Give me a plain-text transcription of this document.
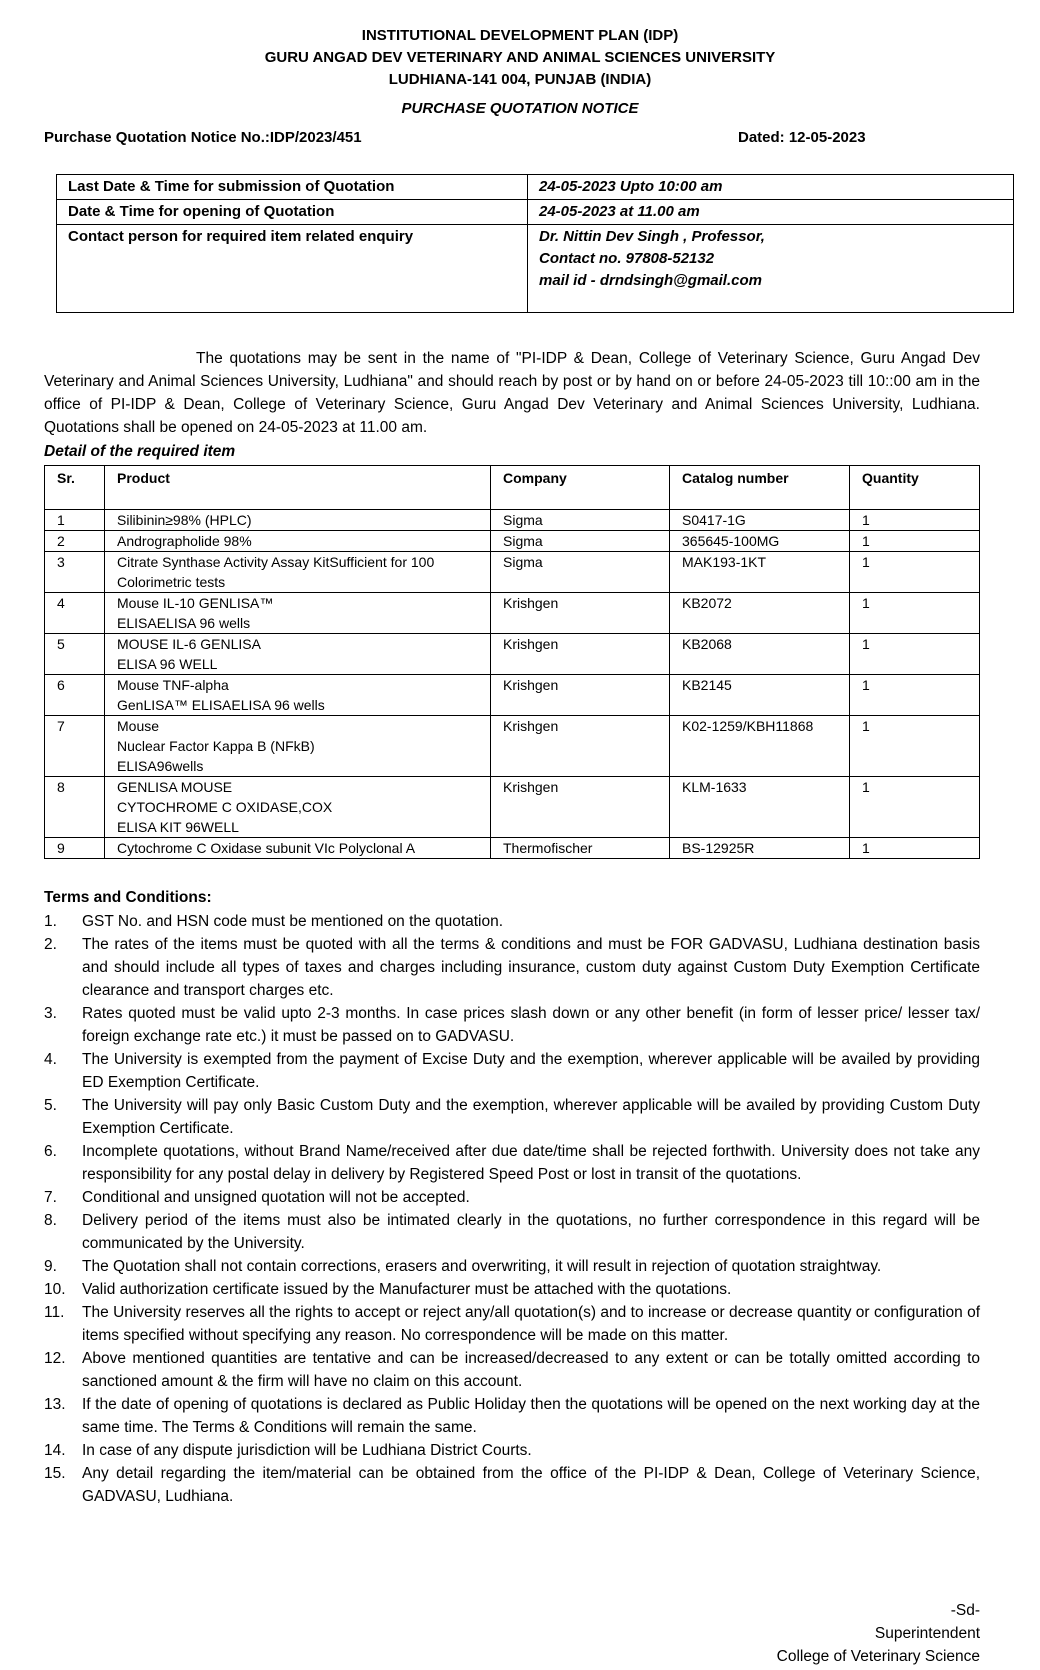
INSTITUTIONAL DEVELOPMENT PLAN (IDP)
GURU ANGAD DEV VETERINARY AND ANIMAL SCIENCES UNIVERSITY
LUDHIANA-141 004, PUNJAB (INDIA)
PURCHASE QUOTATION NOTICE
Purchase Quotation Notice No.:IDP/2023/451	Dated: 12-05-2023
Last Date & Time for submission of Quotation	24-05-2023 Upto 10:00 am
Date & Time for opening of Quotation	24-05-2023 at 11.00 am
Contact person for required item related enquiry	Dr. Nittin Dev Singh , Professor,
Contact no. 97808-52132
mail id - drndsingh@gmail.com
The quotations may be sent in the name of "PI-IDP & Dean, College of Veterinary Science, Guru Angad Dev Veterinary and Animal Sciences University, Ludhiana" and should reach by post or by hand on or before 24-05-2023 till 10::00 am in the office of PI-IDP & Dean, College of Veterinary Science, Guru Angad Dev Veterinary and Animal Sciences University, Ludhiana. Quotations shall be opened on 24-05-2023 at 11.00 am.
Detail of the required item
Sr.	Product	Company	Catalog number	Quantity
1	Silibinin≥98% (HPLC)	Sigma	S0417-1G	1
2	Andrographolide 98%	Sigma	365645-100MG	1
3	Citrate Synthase Activity Assay KitSufficient for 100
Colorimetric tests	Sigma	MAK193-1KT	1
4	Mouse IL-10 GENLISA™
ELISAELISA 96 wells	Krishgen	KB2072	1
5	MOUSE IL-6 GENLISA
ELISA 96 WELL	Krishgen	KB2068	1
6	Mouse TNF-alpha
GenLISA™ ELISAELISA 96 wells	Krishgen	KB2145	1
7	Mouse
Nuclear Factor Kappa B (NFkB)
ELISA96wells	Krishgen	K02-1259/KBH11868	1
8	GENLISA MOUSE
CYTOCHROME C OXIDASE,COX
ELISA KIT 96WELL	Krishgen	KLM-1633	1
9	Cytochrome C Oxidase subunit VIc Polyclonal A	Thermofischer	BS-12925R	1
Terms and Conditions:
1.	GST No. and HSN code must be mentioned on the quotation.
2.	The rates of the items must be quoted with all the terms & conditions and must be FOR GADVASU, Ludhiana destination basis and should include all types of taxes and charges including insurance, custom duty against Custom Duty Exemption Certificate clearance and transport charges etc.
3.	Rates quoted must be valid upto 2-3 months. In case prices slash down or any other benefit (in form of lesser price/ lesser tax/ foreign exchange rate etc.) it must be passed on to GADVASU.
4.	The University is exempted from the payment of Excise Duty and the exemption, wherever applicable will be availed by providing ED Exemption Certificate.
5.	The University will pay only Basic Custom Duty and the exemption, wherever applicable will be availed by providing Custom Duty Exemption Certificate.
6.	Incomplete quotations, without Brand Name/received after due date/time shall be rejected forthwith. University does not take any responsibility for any postal delay in delivery by Registered Speed Post or lost in transit of the quotations.
7.	Conditional and unsigned quotation will not be accepted.
8.	Delivery period of the items must also be intimated clearly in the quotations, no further correspondence in this regard will be communicated by the University.
9.	The Quotation shall not contain corrections, erasers and overwriting, it will result in rejection of quotation straightway.
10.	Valid authorization certificate issued by the Manufacturer must be attached with the quotations.
11.	The University reserves all the rights to accept or reject any/all quotation(s) and to increase or decrease quantity or configuration of items specified without specifying any reason. No correspondence will be made on this matter.
12.	Above mentioned quantities are tentative and can be increased/decreased to any extent or can be totally omitted according to sanctioned amount & the firm will have no claim on this account.
13.	If the date of opening of quotations is declared as Public Holiday then the quotations will be opened on the next working day at the same time. The Terms & Conditions will remain the same.
14.	In case of any dispute jurisdiction will be Ludhiana District Courts.
15.	Any detail regarding the item/material can be obtained from the office of the PI-IDP & Dean, College of Veterinary Science, GADVASU, Ludhiana.
-Sd-
Superintendent
College of Veterinary Science
